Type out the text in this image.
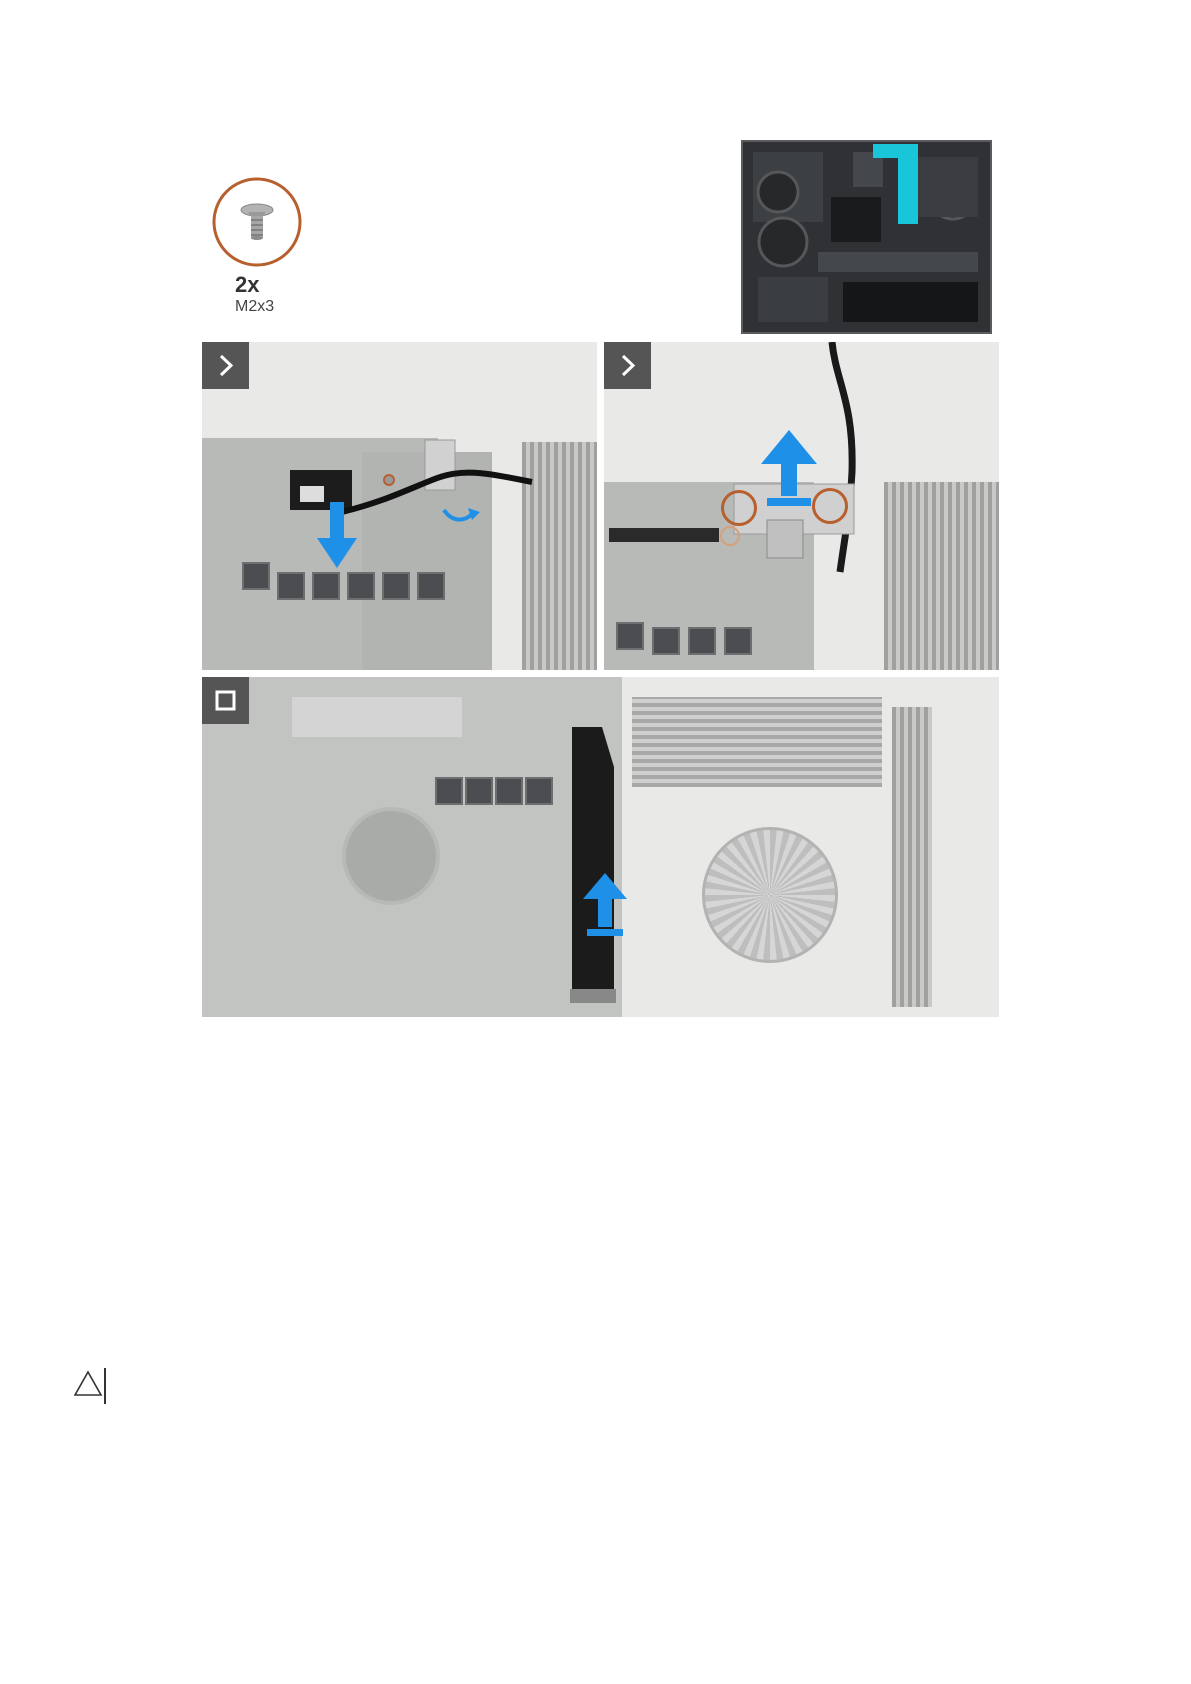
2x
M2x3
